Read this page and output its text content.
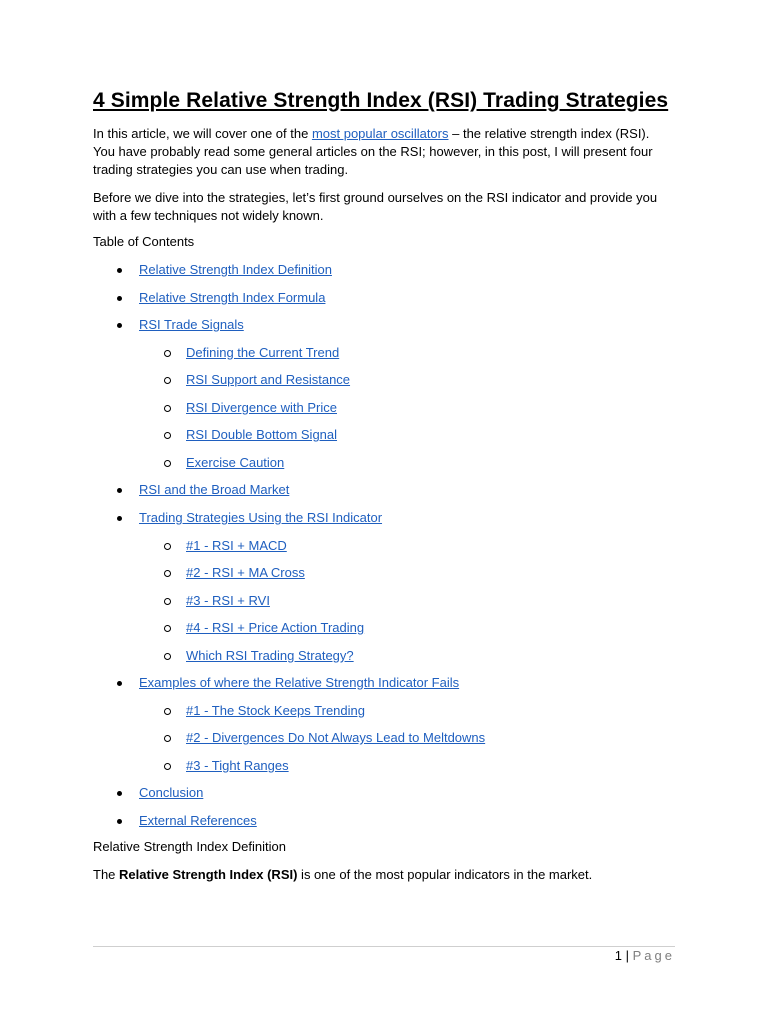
4 Simple Relative Strength Index (RSI) Trading Strategies
In this article, we will cover one of the most popular oscillators – the relative strength index (RSI). You have probably read some general articles on the RSI; however, in this post, I will present four trading strategies you can use when trading.
Before we dive into the strategies, let’s first ground ourselves on the RSI indicator and provide you with a few techniques not widely known.
Table of Contents
Relative Strength Index Definition
Relative Strength Index Formula
RSI Trade Signals
Defining the Current Trend
RSI Support and Resistance
RSI Divergence with Price
RSI Double Bottom Signal
Exercise Caution
RSI and the Broad Market
Trading Strategies Using the RSI Indicator
#1 - RSI + MACD
#2 - RSI + MA Cross
#3 - RSI + RVI
#4 - RSI + Price Action Trading
Which RSI Trading Strategy?
Examples of where the Relative Strength Indicator Fails
#1 - The Stock Keeps Trending
#2 - Divergences Do Not Always Lead to Meltdowns
#3 - Tight Ranges
Conclusion
External References
Relative Strength Index Definition
The Relative Strength Index (RSI) is one of the most popular indicators in the market.
1 | Page
